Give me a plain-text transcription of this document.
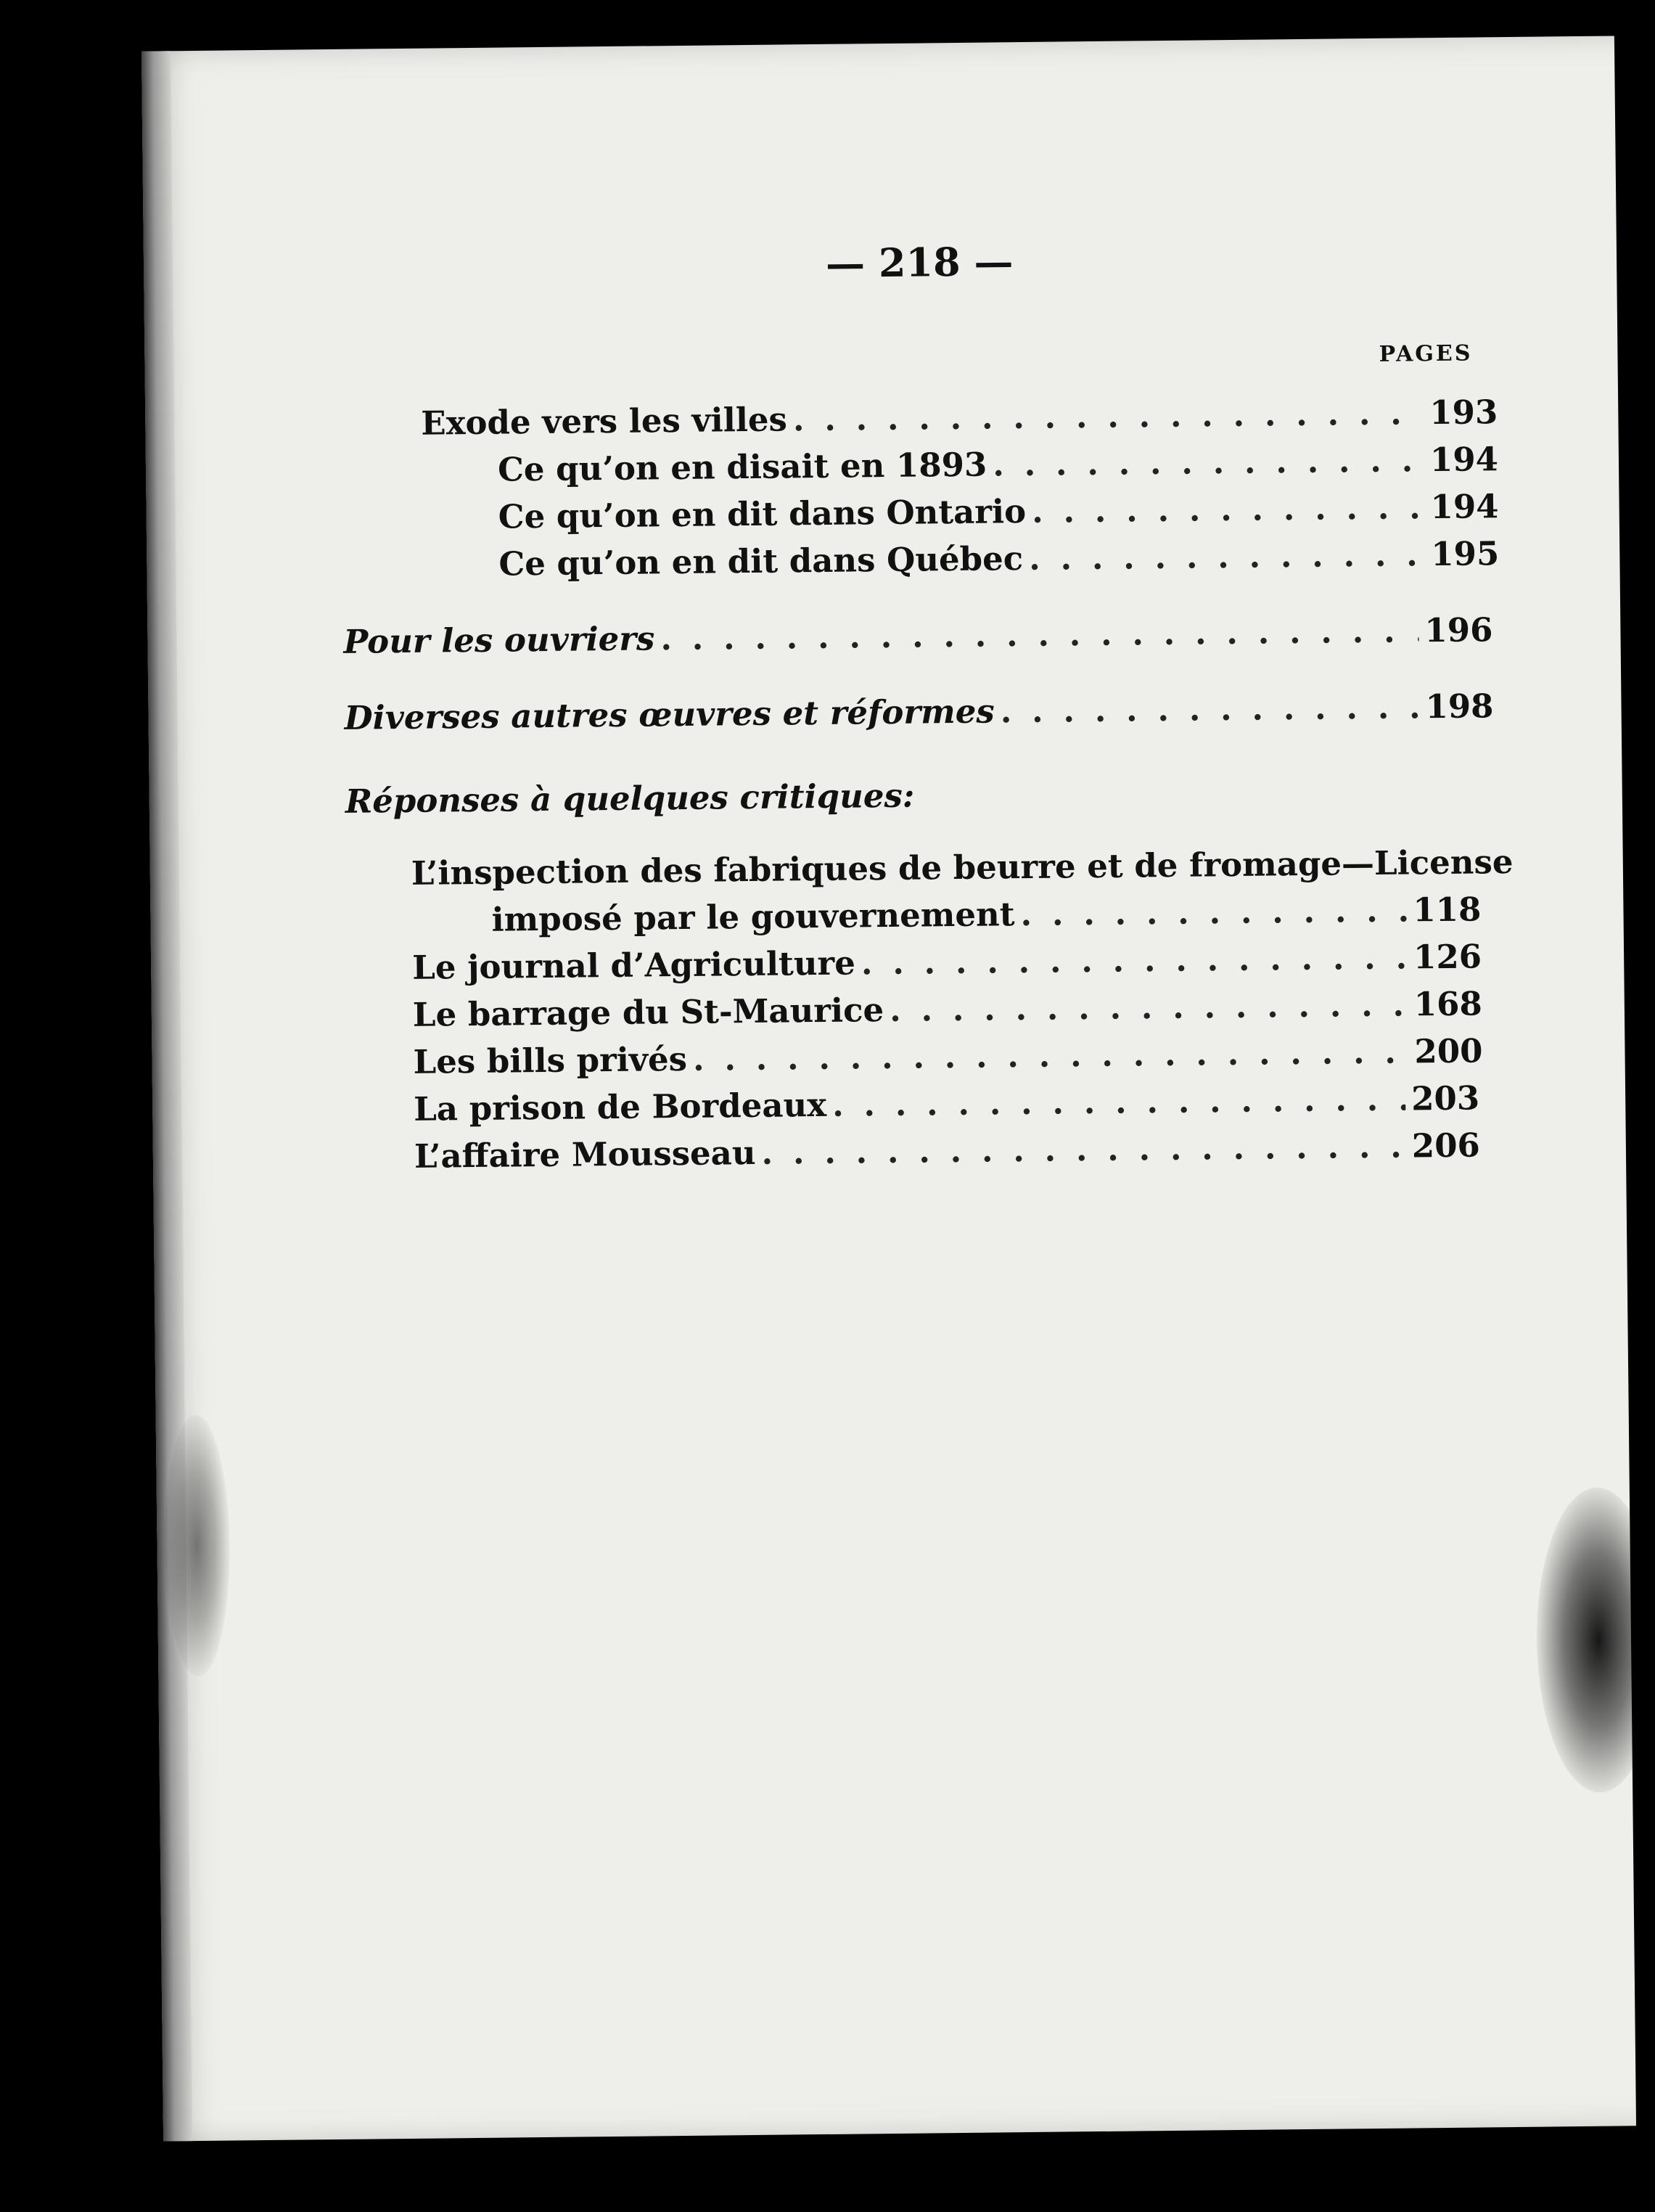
— 218 —
PAGES
Exode vers les villes . . .	193
Ce qu’on en disait en 1893 . . .	194
Ce qu’on en dit dans Ontario . . .	194
Ce qu’on en dit dans Québec . . .	195
Pour les ouvriers . . .	196
Diverses autres œuvres et réformes . . .	198
Réponses à quelques critiques:
L’inspection des fabriques de beurre et de fromage—License
imposé par le gouvernement . . .	118
Le journal d’Agriculture . . .	126
Le barrage du St-Maurice . . .	168
Les bills privés . . .	200
La prison de Bordeaux . . .	203
L’affaire Mousseau . . .	206
